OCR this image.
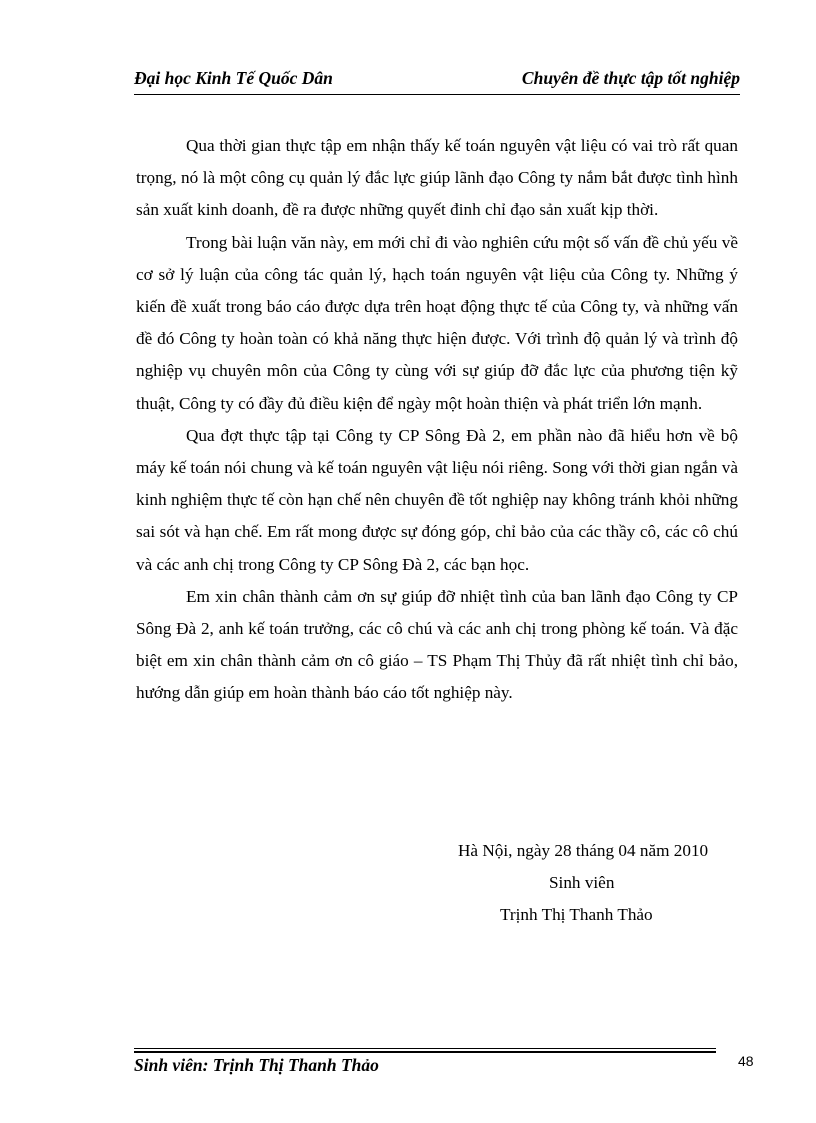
Đại học Kinh Tế Quốc Dân	Chuyên đề thực tập tốt nghiệp

Qua thời gian thực tập em nhận thấy kế toán nguyên vật liệu có vai trò rất quan trọng, nó là một công cụ quản lý đắc lực giúp lãnh đạo Công ty nắm bắt được tình hình sản xuất kinh doanh, đề ra được những quyết đinh chỉ đạo sản xuất kịp thời.

Trong bài luận văn này, em mới chỉ đi vào nghiên cứu một số vấn đề chủ yếu về cơ sở lý luận của công tác quản lý, hạch toán nguyên vật liệu của Công ty. Những ý kiến đề xuất trong báo cáo được dựa trên hoạt động thực tế của Công ty, và những vấn đề đó Công ty hoàn toàn có khả năng thực hiện được. Với trình độ quản lý và trình độ nghiệp vụ chuyên môn của Công ty cùng với sự giúp đỡ đắc lực của phương tiện kỹ thuật, Công ty có đầy đủ điều kiện để ngày một hoàn thiện và phát triển lớn mạnh.

Qua đợt thực tập tại Công ty CP Sông Đà 2, em phần nào đã hiểu hơn về bộ máy kế toán nói chung và kế toán nguyên vật liệu nói riêng. Song với thời gian ngắn và kinh nghiệm thực tế còn hạn chế nên chuyên đề tốt nghiệp nay không tránh khỏi những sai sót và hạn chế. Em rất mong được sự đóng góp, chỉ bảo của các thầy cô, các cô chú và các anh chị trong Công ty CP Sông Đà 2, các bạn học.

Em xin chân thành cảm ơn sự giúp đỡ nhiệt tình của ban lãnh đạo Công ty CP Sông Đà 2, anh kế toán trưởng, các cô chú và các anh chị trong phòng kế toán. Và đặc biệt em xin chân thành cảm ơn cô giáo – TS Phạm Thị Thủy đã rất nhiệt tình chỉ bảo, hướng dẫn giúp em hoàn thành báo cáo tốt nghiệp này.

Hà Nội, ngày 28 tháng 04 năm 2010
Sinh viên
Trịnh Thị Thanh Thảo
Sinh viên: Trịnh Thị Thanh Thảo	48
